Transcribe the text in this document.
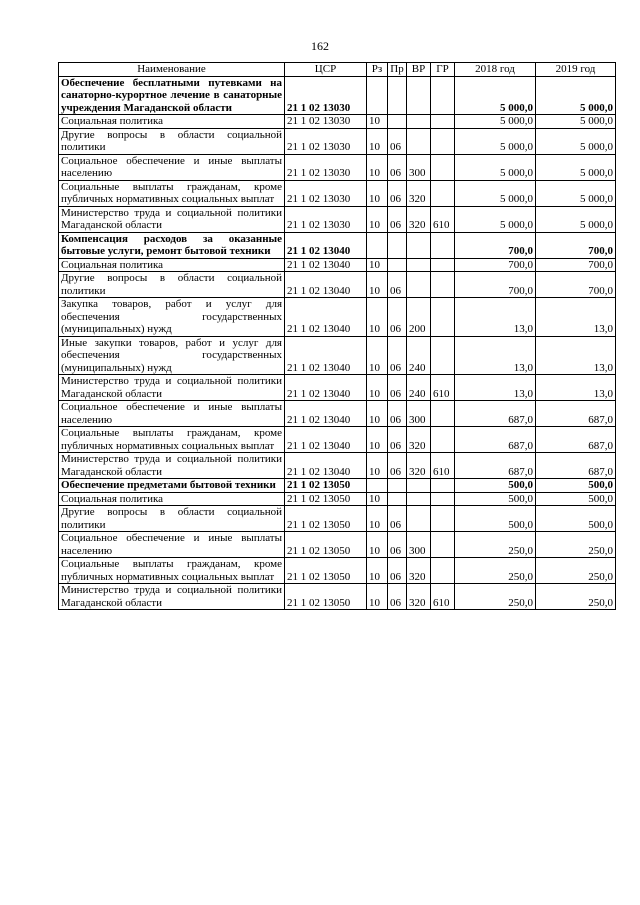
162
Наименование	ЦСР	Рз	Пр	ВР	ГР	2018 год	2019 год
Обеспечение бесплатными путевками на санаторно-курортное лечение в санаторные учреждения Магаданской области	21 1 02 13030					5 000,0	5 000,0
Социальная политика	21 1 02 13030	10				5 000,0	5 000,0
Другие вопросы в области социальной политики	21 1 02 13030	10	06			5 000,0	5 000,0
Социальное обеспечение и иные выплаты населению	21 1 02 13030	10	06	300		5 000,0	5 000,0
Социальные выплаты гражданам, кроме публичных нормативных социальных выплат	21 1 02 13030	10	06	320		5 000,0	5 000,0
Министерство труда и социальной политики Магаданской области	21 1 02 13030	10	06	320	610	5 000,0	5 000,0
Компенсация расходов за оказанные бытовые услуги, ремонт бытовой техники	21 1 02 13040					700,0	700,0
Социальная политика	21 1 02 13040	10				700,0	700,0
Другие вопросы в области социальной политики	21 1 02 13040	10	06			700,0	700,0
Закупка товаров, работ и услуг для обеспечения государственных (муниципальных) нужд	21 1 02 13040	10	06	200		13,0	13,0
Иные закупки товаров, работ и услуг для обеспечения государственных (муниципальных) нужд	21 1 02 13040	10	06	240		13,0	13,0
Министерство труда и социальной политики Магаданской области	21 1 02 13040	10	06	240	610	13,0	13,0
Социальное обеспечение и иные выплаты населению	21 1 02 13040	10	06	300		687,0	687,0
Социальные выплаты гражданам, кроме публичных нормативных социальных выплат	21 1 02 13040	10	06	320		687,0	687,0
Министерство труда и социальной политики Магаданской области	21 1 02 13040	10	06	320	610	687,0	687,0
Обеспечение предметами бытовой техники	21 1 02 13050					500,0	500,0
Социальная политика	21 1 02 13050	10				500,0	500,0
Другие вопросы в области социальной политики	21 1 02 13050	10	06			500,0	500,0
Социальное обеспечение и иные выплаты населению	21 1 02 13050	10	06	300		250,0	250,0
Социальные выплаты гражданам, кроме публичных нормативных социальных выплат	21 1 02 13050	10	06	320		250,0	250,0
Министерство труда и социальной политики Магаданской области	21 1 02 13050	10	06	320	610	250,0	250,0
